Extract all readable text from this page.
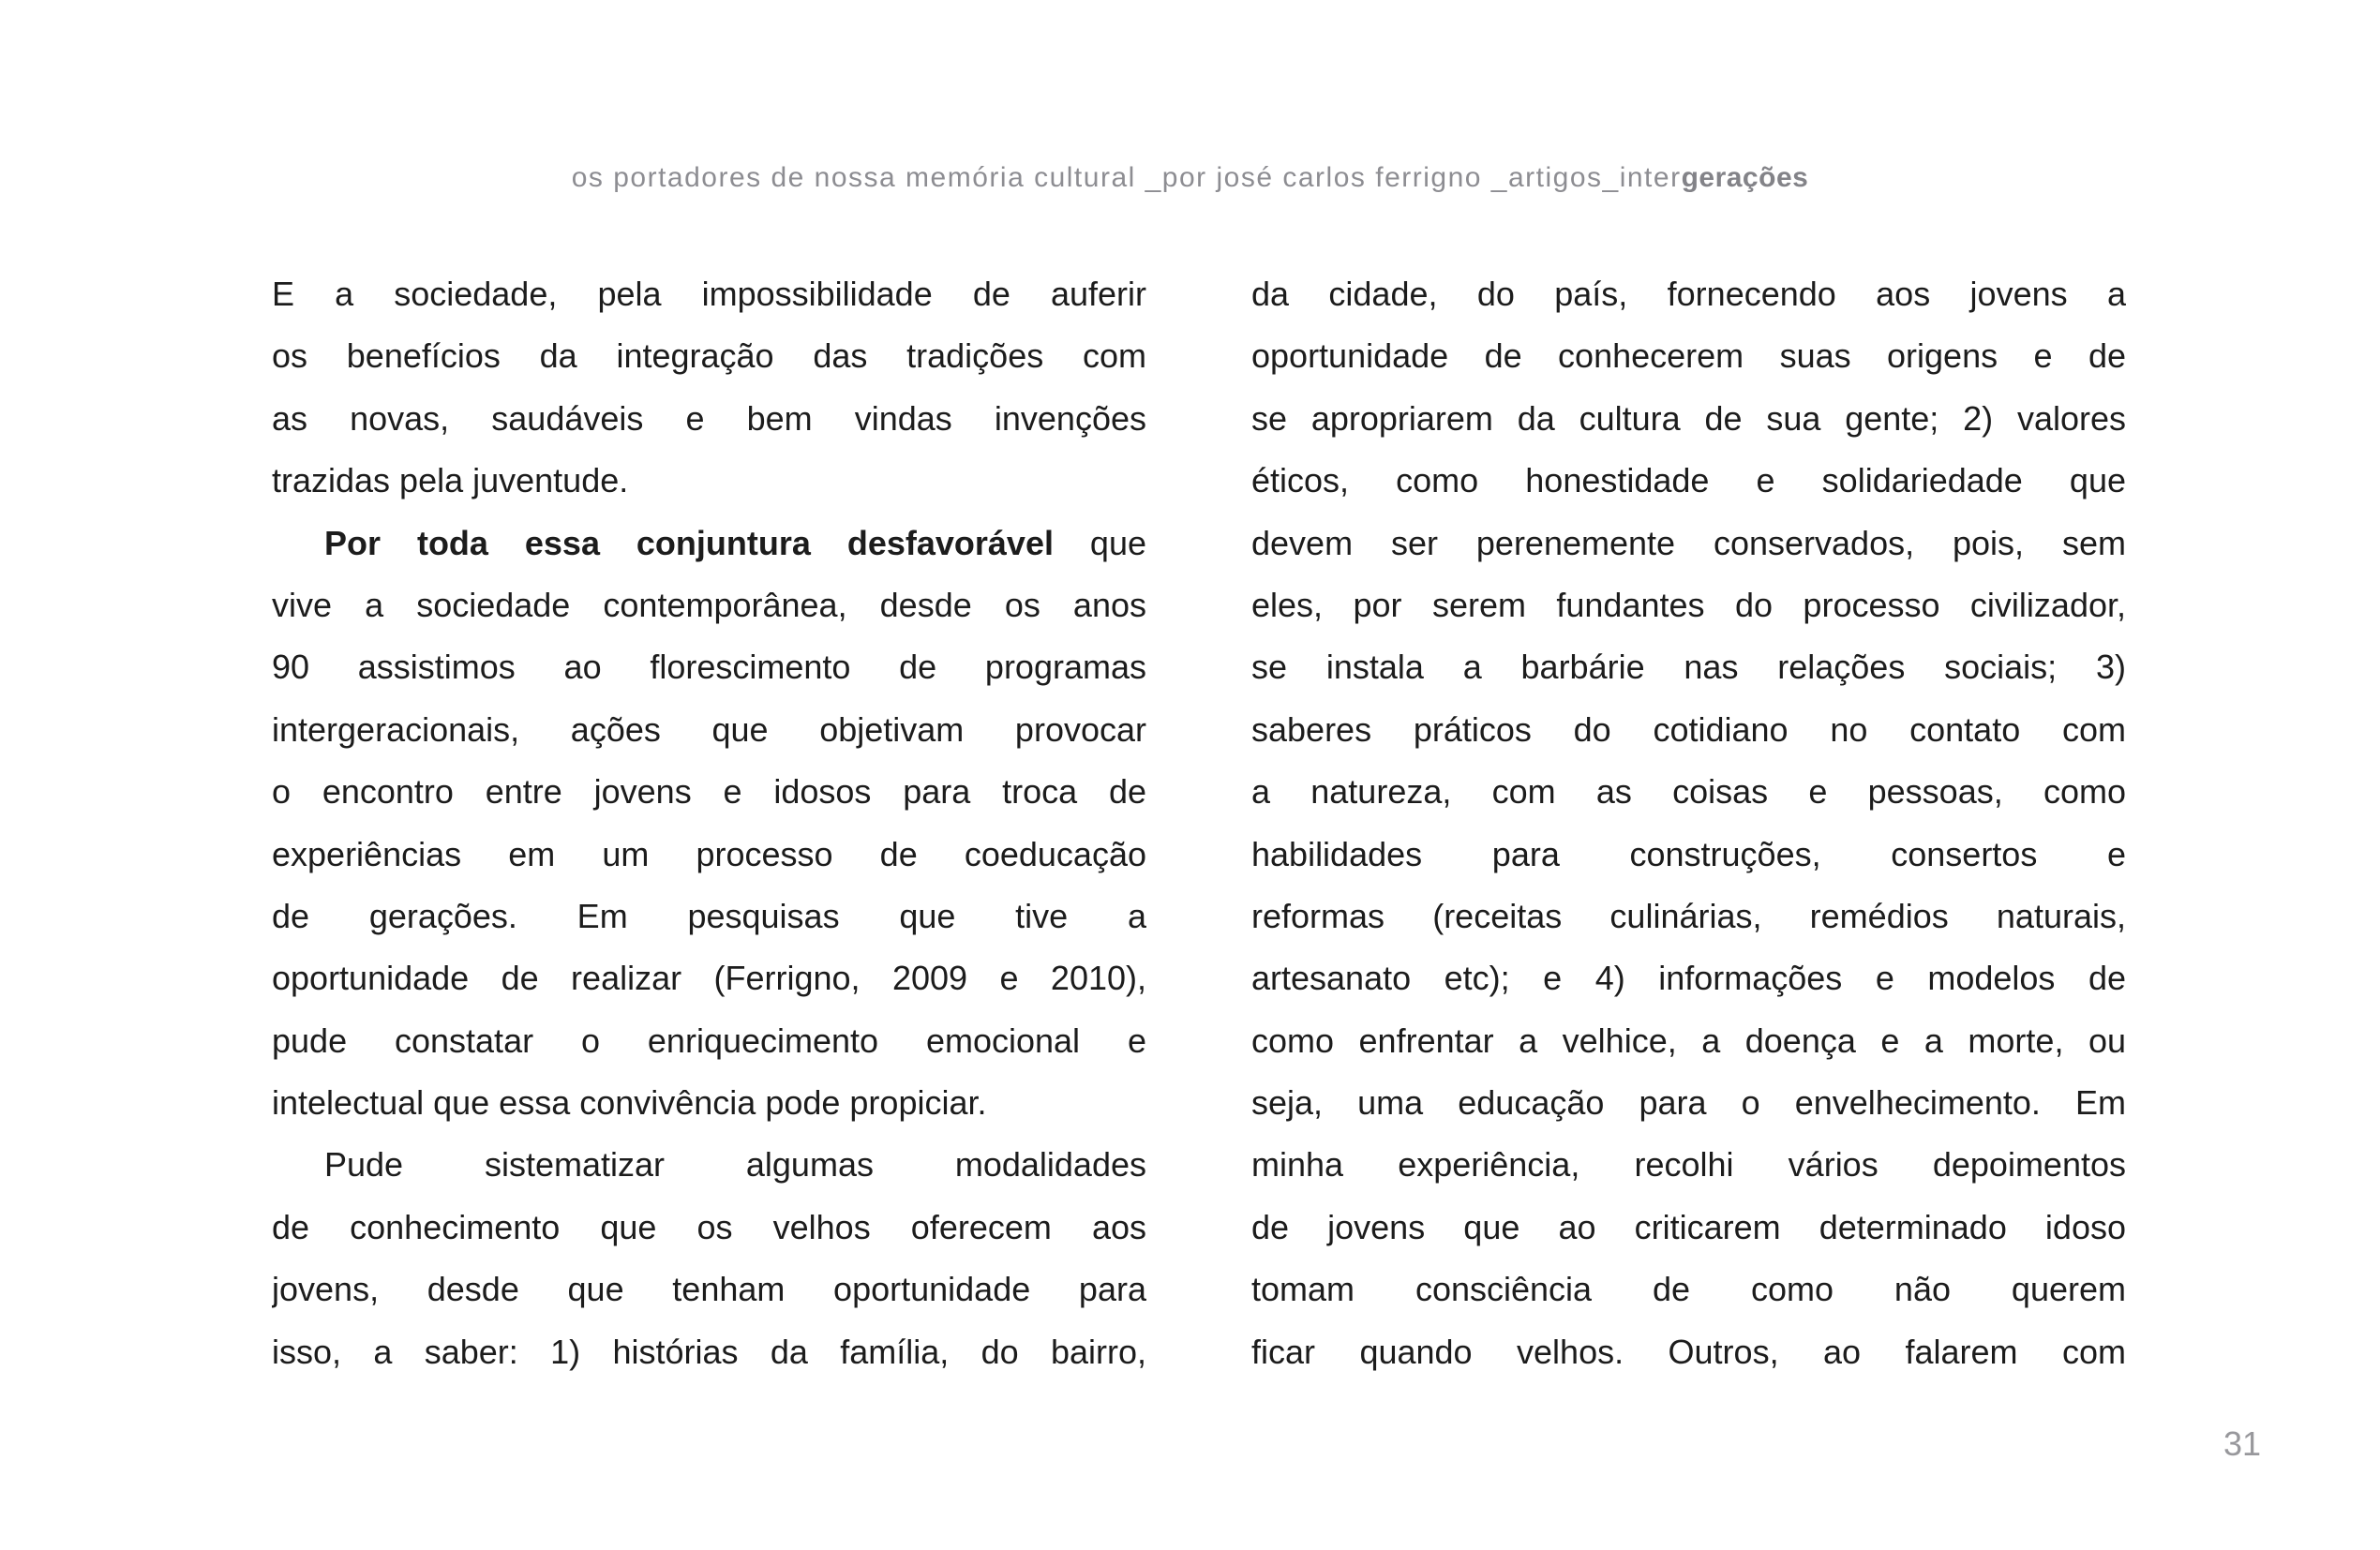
os portadores de nossa memória cultural _por josé carlos ferrigno _artigos_intergerações
E a sociedade, pela impossibilidade de auferir
os benefícios da integração das tradições com
as novas, saudáveis e bem vindas invenções
trazidas pela juventude.
Por toda essa conjuntura desfavorável que
vive a sociedade contemporânea, desde os anos
90 assistimos ao florescimento de programas
intergeracionais, ações que objetivam provocar
o encontro entre jovens e idosos para troca de
experiências em um processo de coeducação
de gerações. Em pesquisas que tive a
oportunidade de realizar (Ferrigno, 2009 e 2010),
pude constatar o enriquecimento emocional e
intelectual que essa convivência pode propiciar.
Pude sistematizar algumas modalidades
de conhecimento que os velhos oferecem aos
jovens, desde que tenham oportunidade para
isso, a saber: 1) histórias da família, do bairro,
da cidade, do país, fornecendo aos jovens a
oportunidade de conhecerem suas origens e de
se apropriarem da cultura de sua gente; 2) valores
éticos, como honestidade e solidariedade que
devem ser perenemente conservados, pois, sem
eles, por serem fundantes do processo civilizador,
se instala a barbárie nas relações sociais; 3)
saberes práticos do cotidiano no contato com
a natureza, com as coisas e pessoas, como
habilidades para construções, consertos e
reformas (receitas culinárias, remédios naturais,
artesanato etc); e 4) informações e modelos de
como enfrentar a velhice, a doença e a morte, ou
seja, uma educação para o envelhecimento. Em
minha experiência, recolhi vários depoimentos
de jovens que ao criticarem determinado idoso
tomam consciência de como não querem
ficar quando velhos. Outros, ao falarem com
31
